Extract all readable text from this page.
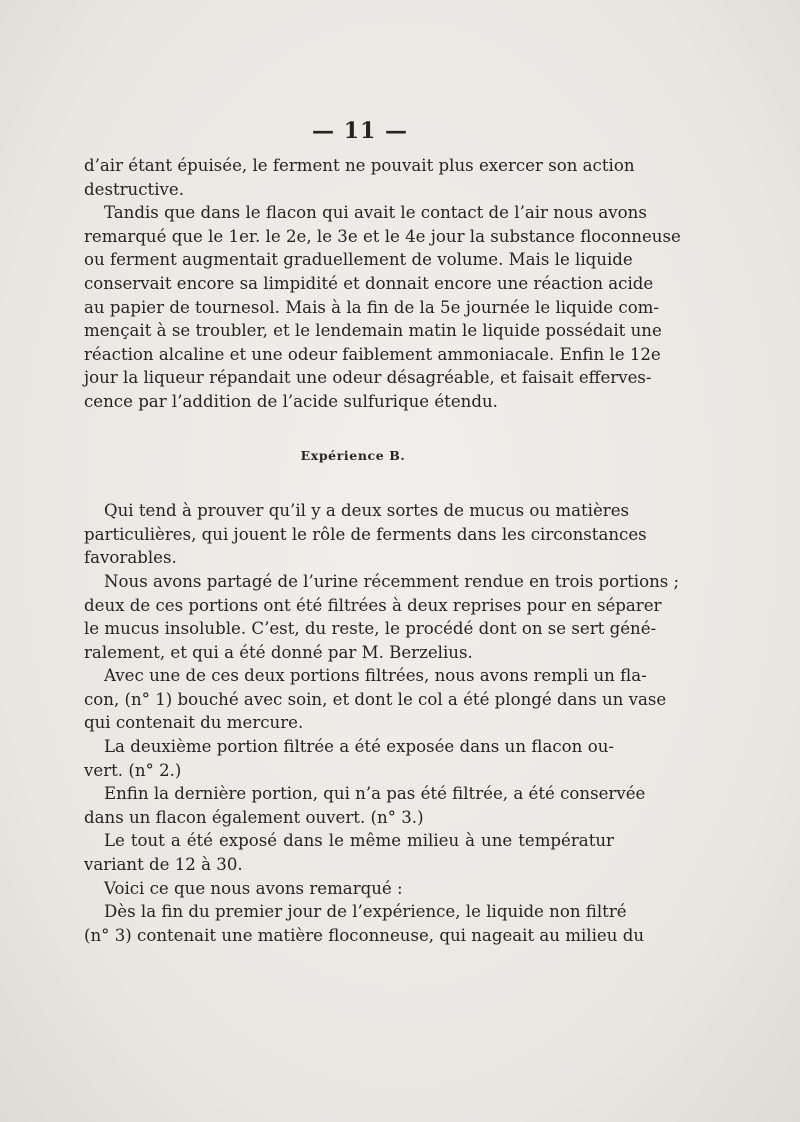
— 11 —
d’air étant épuisée, le ferment ne pouvait plus exercer son action
destructive.
Tandis que dans le flacon qui avait le contact de l’air nous avons
remarqué que le 1er. le 2e, le 3e et le 4e jour la substance floconneuse
ou ferment augmentait graduellement de volume. Mais le liquide
conservait encore sa limpidité et donnait encore une réaction acide
au papier de tournesol. Mais à la fin de la 5e journée le liquide com-
mençait à se troubler, et le lendemain matin le liquide possédait une
réaction alcaline et une odeur faiblement ammoniacale. Enfin le 12e
jour la liqueur répandait une odeur désagréable, et faisait efferves-
cence par l’addition de l’acide sulfurique étendu.
Expérience B.
Qui tend à prouver qu’il y a deux sortes de mucus ou matières
particulières, qui jouent le rôle de ferments dans les circonstances
favorables.
Nous avons partagé de l’urine récemment rendue en trois portions ;
deux de ces portions ont été filtrées à deux reprises pour en séparer
le mucus insoluble. C’est, du reste, le procédé dont on se sert géné-
ralement, et qui a été donné par M. Berzelius.
Avec une de ces deux portions filtrées, nous avons rempli un fla-
con, (n° 1) bouché avec soin, et dont le col a été plongé dans un vase
qui contenait du mercure.
La deuxième portion filtrée a été exposée dans un flacon ou-
vert. (n° 2.)
Enfin la dernière portion, qui n’a pas été filtrée, a été conservée
dans un flacon également ouvert. (n° 3.)
Le tout a été exposé dans le même milieu à une températur
variant de 12 à 30.
Voici ce que nous avons remarqué :
Dès la fin du premier jour de l’expérience, le liquide non filtré
(n° 3) contenait une matière floconneuse, qui nageait au milieu du
